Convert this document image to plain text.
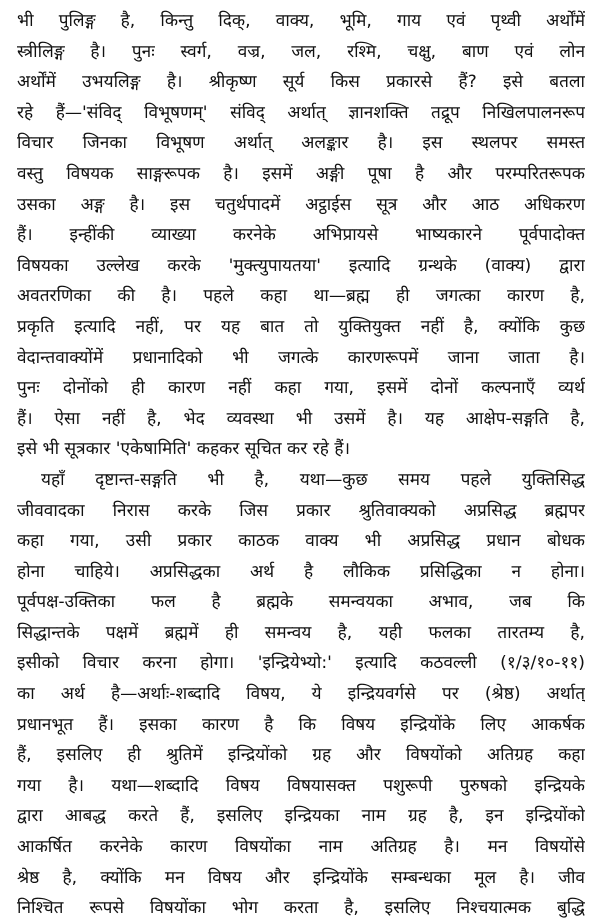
भी पुलिङ्ग है, किन्तु दिक्, वाक्य, भूमि, गाय एवं पृथ्वी अर्थोंमें
स्त्रीलिङ्ग है। पुनः स्वर्ग, वज्र, जल, रश्मि, चक्षु, बाण एवं लोन
अर्थोंमें उभयलिङ्ग है। श्रीकृष्ण सूर्य किस प्रकारसे हैं? इसे बतला
रहे हैं—'संविद् विभूषणम्' संविद् अर्थात् ज्ञानशक्ति तद्रूप निखिलपालनरूप
विचार जिनका विभूषण अर्थात् अलङ्कार है। इस स्थलपर समस्त
वस्तु विषयक साङ्गरूपक है। इसमें अङ्गी पूषा है और परम्परितरूपक
उसका अङ्ग है। इस चतुर्थपादमें अट्ठाईस सूत्र और आठ अधिकरण
हैं। इन्हींकी व्याख्या करनेके अभिप्रायसे भाष्यकारने पूर्वपादोक्त
विषयका उल्लेख करके 'मुक्त्युपायतया' इत्यादि ग्रन्थके (वाक्य) द्वारा
अवतरणिका की है। पहले कहा था—ब्रह्म ही जगत्का कारण है,
प्रकृति इत्यादि नहीं, पर यह बात तो युक्तियुक्त नहीं है, क्योंकि कुछ
वेदान्तवाक्योंमें प्रधानादिको भी जगत्के कारणरूपमें जाना जाता है।
पुनः दोनोंको ही कारण नहीं कहा गया, इसमें दोनों कल्पनाएँ व्यर्थ
हैं। ऐसा नहीं है, भेद व्यवस्था भी उसमें है। यह आक्षेप-सङ्गति है,
इसे भी सूत्रकार 'एकेषामिति' कहकर सूचित कर रहे हैं।
यहाँ दृष्टान्त-सङ्गति भी है, यथा—कुछ समय पहले युक्तिसिद्ध
जीववादका निरास करके जिस प्रकार श्रुतिवाक्यको अप्रसिद्ध ब्रह्मपर
कहा गया, उसी प्रकार काठक वाक्य भी अप्रसिद्ध प्रधान बोधक
होना चाहिये। अप्रसिद्धका अर्थ है लौकिक प्रसिद्धिका न होना।
पूर्वपक्ष-उक्तिका फल है ब्रह्मके समन्वयका अभाव, जब कि
सिद्धान्तके पक्षमें ब्रह्ममें ही समन्वय है, यही फलका तारतम्य है,
इसीको विचार करना होगा। 'इन्द्रियेभ्यो:' इत्यादि कठवल्ली (१/३/१०-११)
का अर्थ है—अर्थाः-शब्दादि विषय, ये इन्द्रियवर्गसे पर (श्रेष्ठ) अर्थात्
प्रधानभूत हैं। इसका कारण है कि विषय इन्द्रियोंके लिए आकर्षक
हैं, इसलिए ही श्रुतिमें इन्द्रियोंको ग्रह और विषयोंको अतिग्रह कहा
गया है। यथा—शब्दादि विषय विषयासक्त पशुरूपी पुरुषको इन्द्रियके
द्वारा आबद्ध करते हैं, इसलिए इन्द्रियका नाम ग्रह है, इन इन्द्रियोंको
आकर्षित करनेके कारण विषयोंका नाम अतिग्रह है। मन विषयोंसे
श्रेष्ठ है, क्योंकि मन विषय और इन्द्रियोंके सम्बन्धका मूल है। जीव
निश्चित रूपसे विषयोंका भोग करता है, इसलिए निश्चयात्मक बुद्धि
